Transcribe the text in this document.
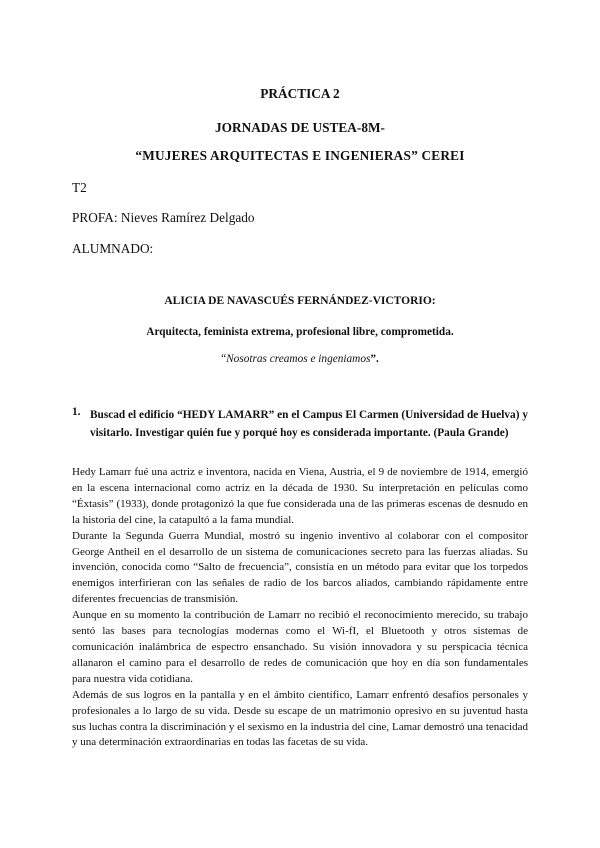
PRÁCTICA 2
JORNADAS DE USTEA-8M-
“MUJERES ARQUITECTAS E INGENIERAS” CEREI
T2
PROFA: Nieves Ramírez Delgado
ALUMNADO:
ALICIA DE NAVASCUÉS FERNÁNDEZ-VICTORIO:
Arquitecta, feminista extrema, profesional libre, comprometida.
“Nosotras creamos e ingeniamos”.
1. Buscad el edificio “HEDY LAMARR” en el Campus El Carmen (Universidad de Huelva) y visitarlo. Investigar quién fue y porqué hoy es considerada importante. (Paula Grande)

Hedy Lamarr fué una actriz e inventora, nacida en Viena, Austria, el 9 de noviembre de 1914, emergió en la escena internacional como actriz en la década de 1930. Su interpretación en películas como “Éxtasis” (1933), donde protagonizó la que fue considerada una de las primeras escenas de desnudo en la historia del cine, la catapultó a la fama mundial.

Durante la Segunda Guerra Mundial, mostró su ingenio inventivo al colaborar con el compositor George Antheil en el desarrollo de un sistema de comunicaciones secreto para las fuerzas aliadas. Su invención, conocida como “Salto de frecuencia”, consistía en un método para evitar que los torpedos enemigos interfirieran con las señales de radio de los barcos aliados, cambiando rápidamente entre diferentes frecuencias de transmisión.

Aunque en su momento la contribución de Lamarr no recibió el reconocimiento merecido, su trabajo sentó las bases para tecnologías modernas como el Wi-fI, el Bluetooth y otros sistemas de comunicación inalámbrica de espectro ensanchado. Su visión innovadora y su perspicacia técnica allanaron el camino para el desarrollo de redes de comunicación que hoy en día son fundamentales para nuestra vida cotidiana.

Además de sus logros en la pantalla y en el ámbito científico, Lamarr enfrentó desafíos personales y profesionales a lo largo de su vida. Desde su escape de un matrimonio opresivo en su juventud hasta sus luchas contra la discriminación y el sexismo en la industria del cine, Lamar demostró una tenacidad y una determinación extraordinarias en todas las facetas de su vida.
